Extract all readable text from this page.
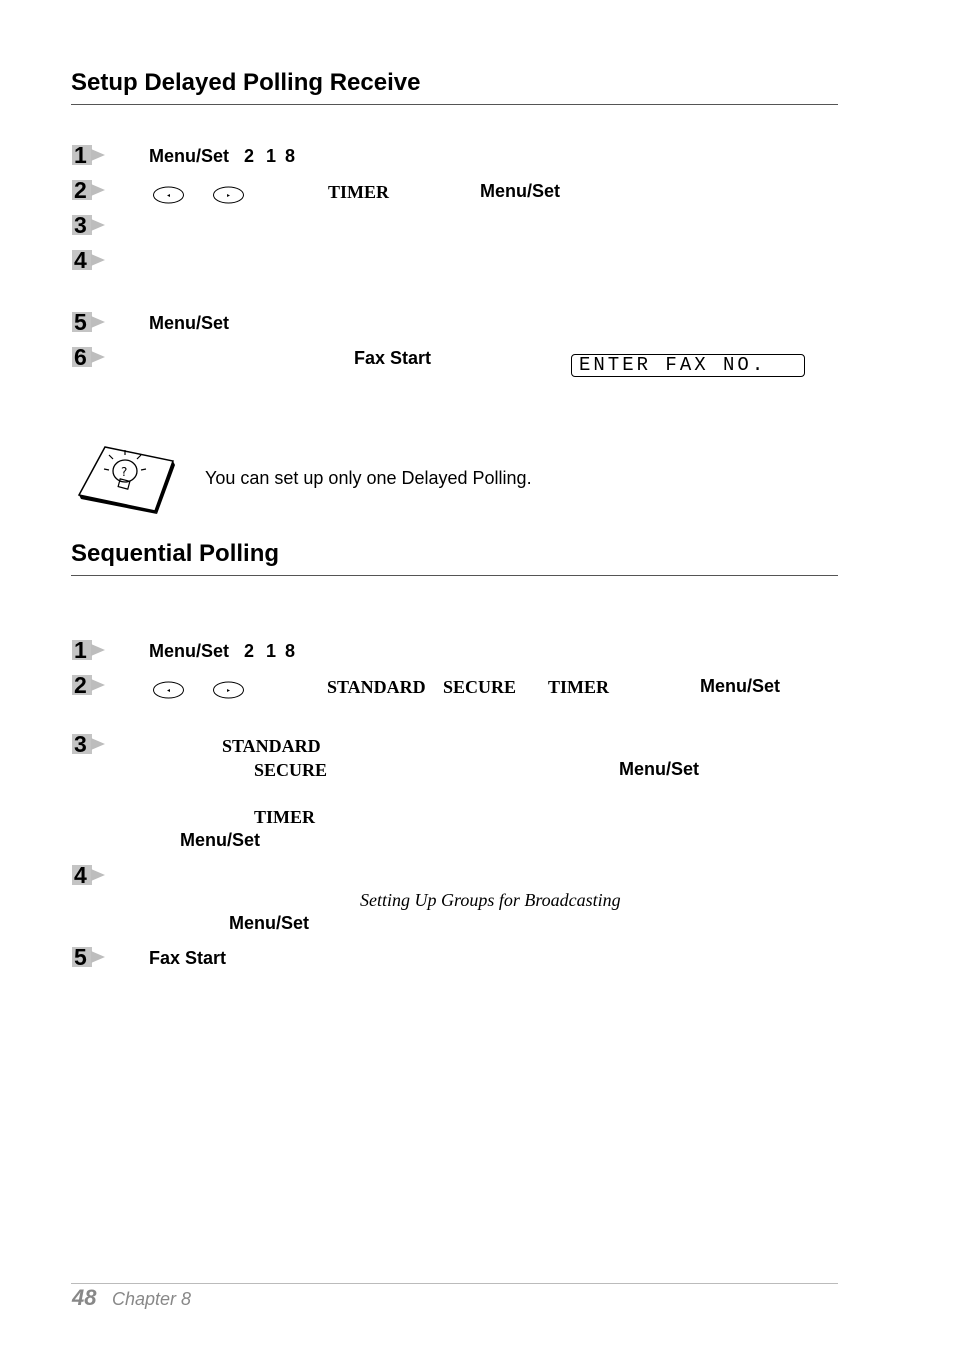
Setup Delayed Polling Receive
1	Menu/Set 2 1 8
2	◂	▸	TIMER	Menu/Set
3
4
5	Menu/Set
6	Fax Start	ENTER FAX NO.
?	You can set up only one Delayed Polling.
Sequential Polling
1	Menu/Set 2 1 8
2	◂	▸	STANDARD SECURE TIMER	Menu/Set
3	STANDARD
SECURE	Menu/Set
TIMER
Menu/Set
4
Setting Up Groups for Broadcasting
Menu/Set
5	Fax Start
48 Chapter 8
